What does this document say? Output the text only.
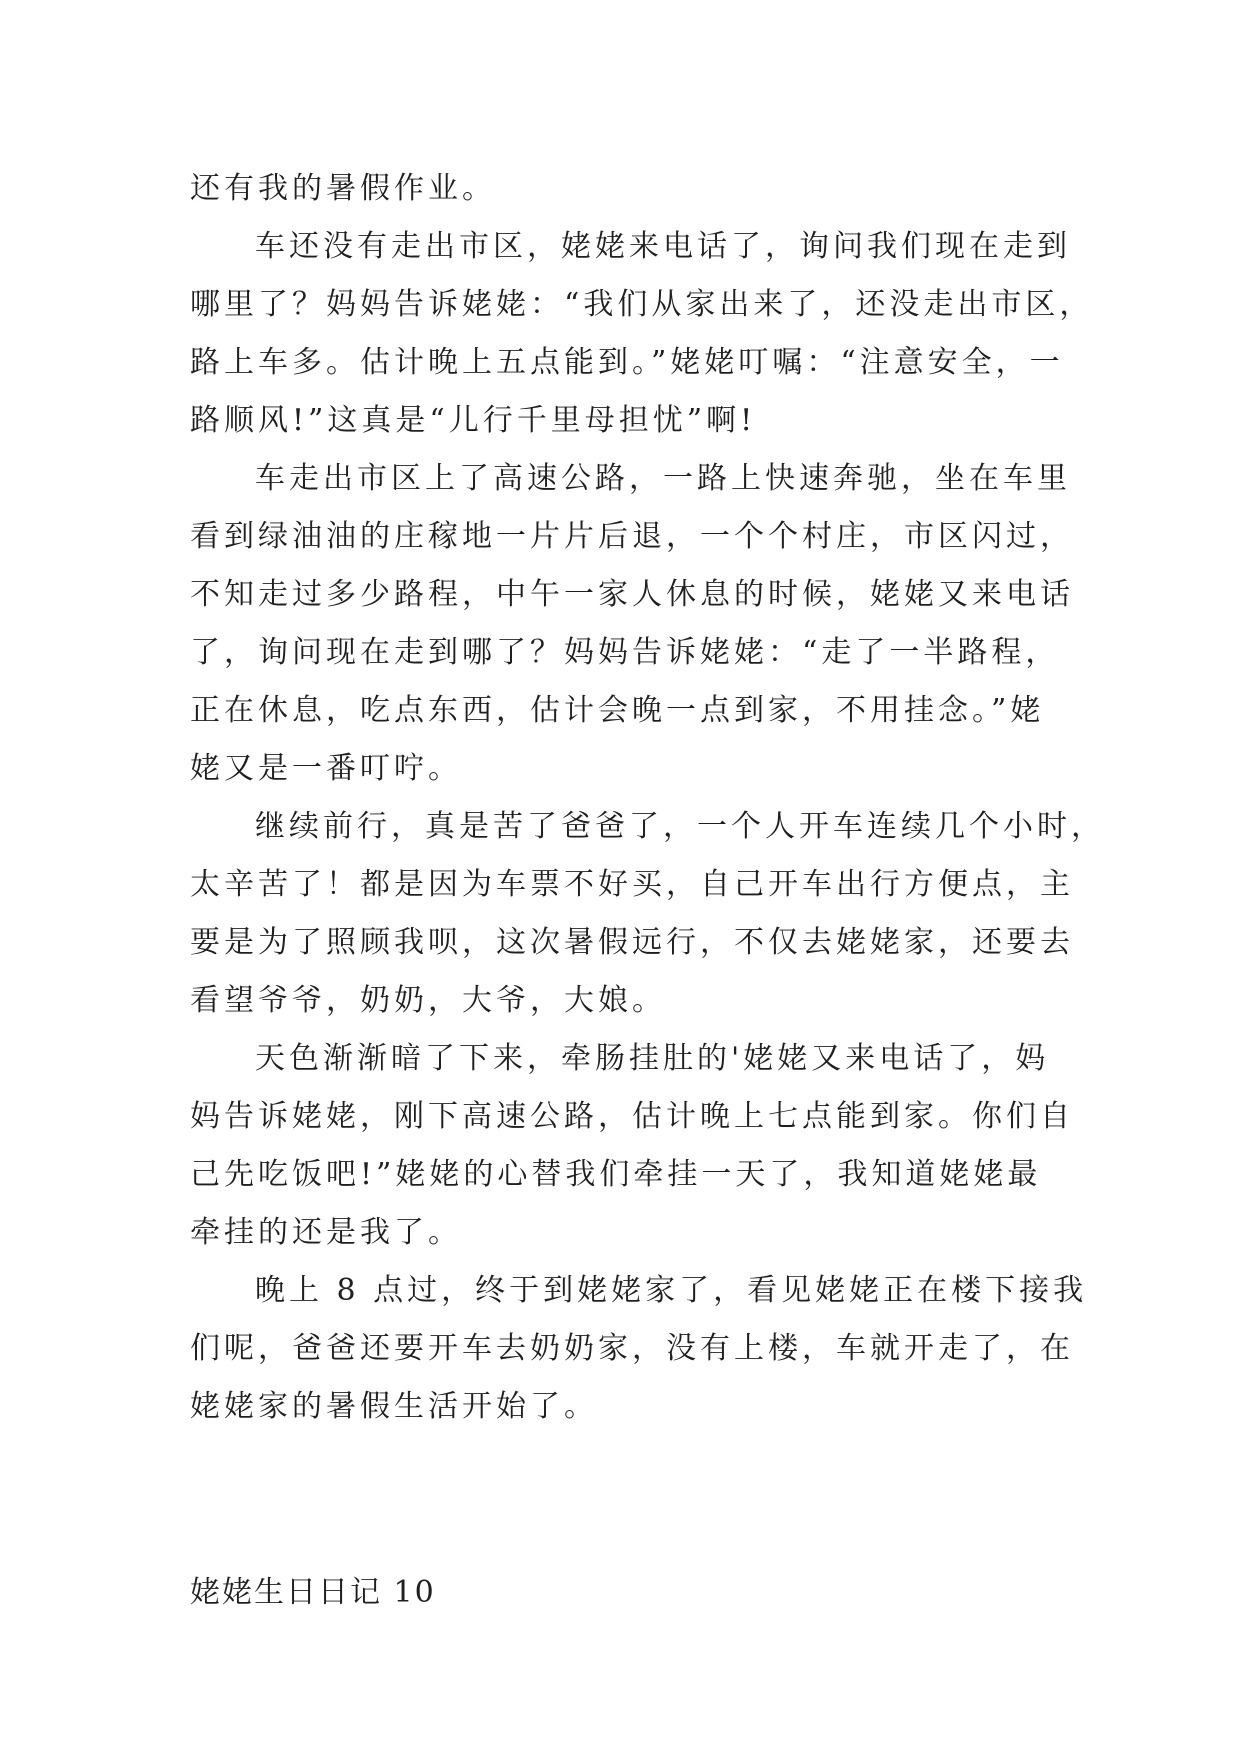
还有我的暑假作业。
车还没有走出市区，姥姥来电话了，询问我们现在走到
哪里了？妈妈告诉姥姥：“我们从家出来了，还没走出市区，
路上车多。估计晚上五点能到。”姥姥叮嘱：“注意安全，一
路顺风!”这真是“儿行千里母担忧”啊!
车走出市区上了高速公路，一路上快速奔驰，坐在车里
看到绿油油的庄稼地一片片后退，一个个村庄，市区闪过，
不知走过多少路程，中午一家人休息的时候，姥姥又来电话
了，询问现在走到哪了？妈妈告诉姥姥：“走了一半路程，
正在休息，吃点东西，估计会晚一点到家，不用挂念。”姥
姥又是一番叮咛。
继续前行，真是苦了爸爸了，一个人开车连续几个小时，
太辛苦了！都是因为车票不好买，自己开车出行方便点，主
要是为了照顾我呗，这次暑假远行，不仅去姥姥家，还要去
看望爷爷，奶奶，大爷，大娘。
天色渐渐暗了下来，牵肠挂肚的'姥姥又来电话了，妈
妈告诉姥姥，刚下高速公路，估计晚上七点能到家。你们自
己先吃饭吧!”姥姥的心替我们牵挂一天了，我知道姥姥最
牵挂的还是我了。
晚上 8 点过，终于到姥姥家了，看见姥姥正在楼下接我
们呢，爸爸还要开车去奶奶家，没有上楼，车就开走了，在
姥姥家的暑假生活开始了。
姥姥生日日记 10
